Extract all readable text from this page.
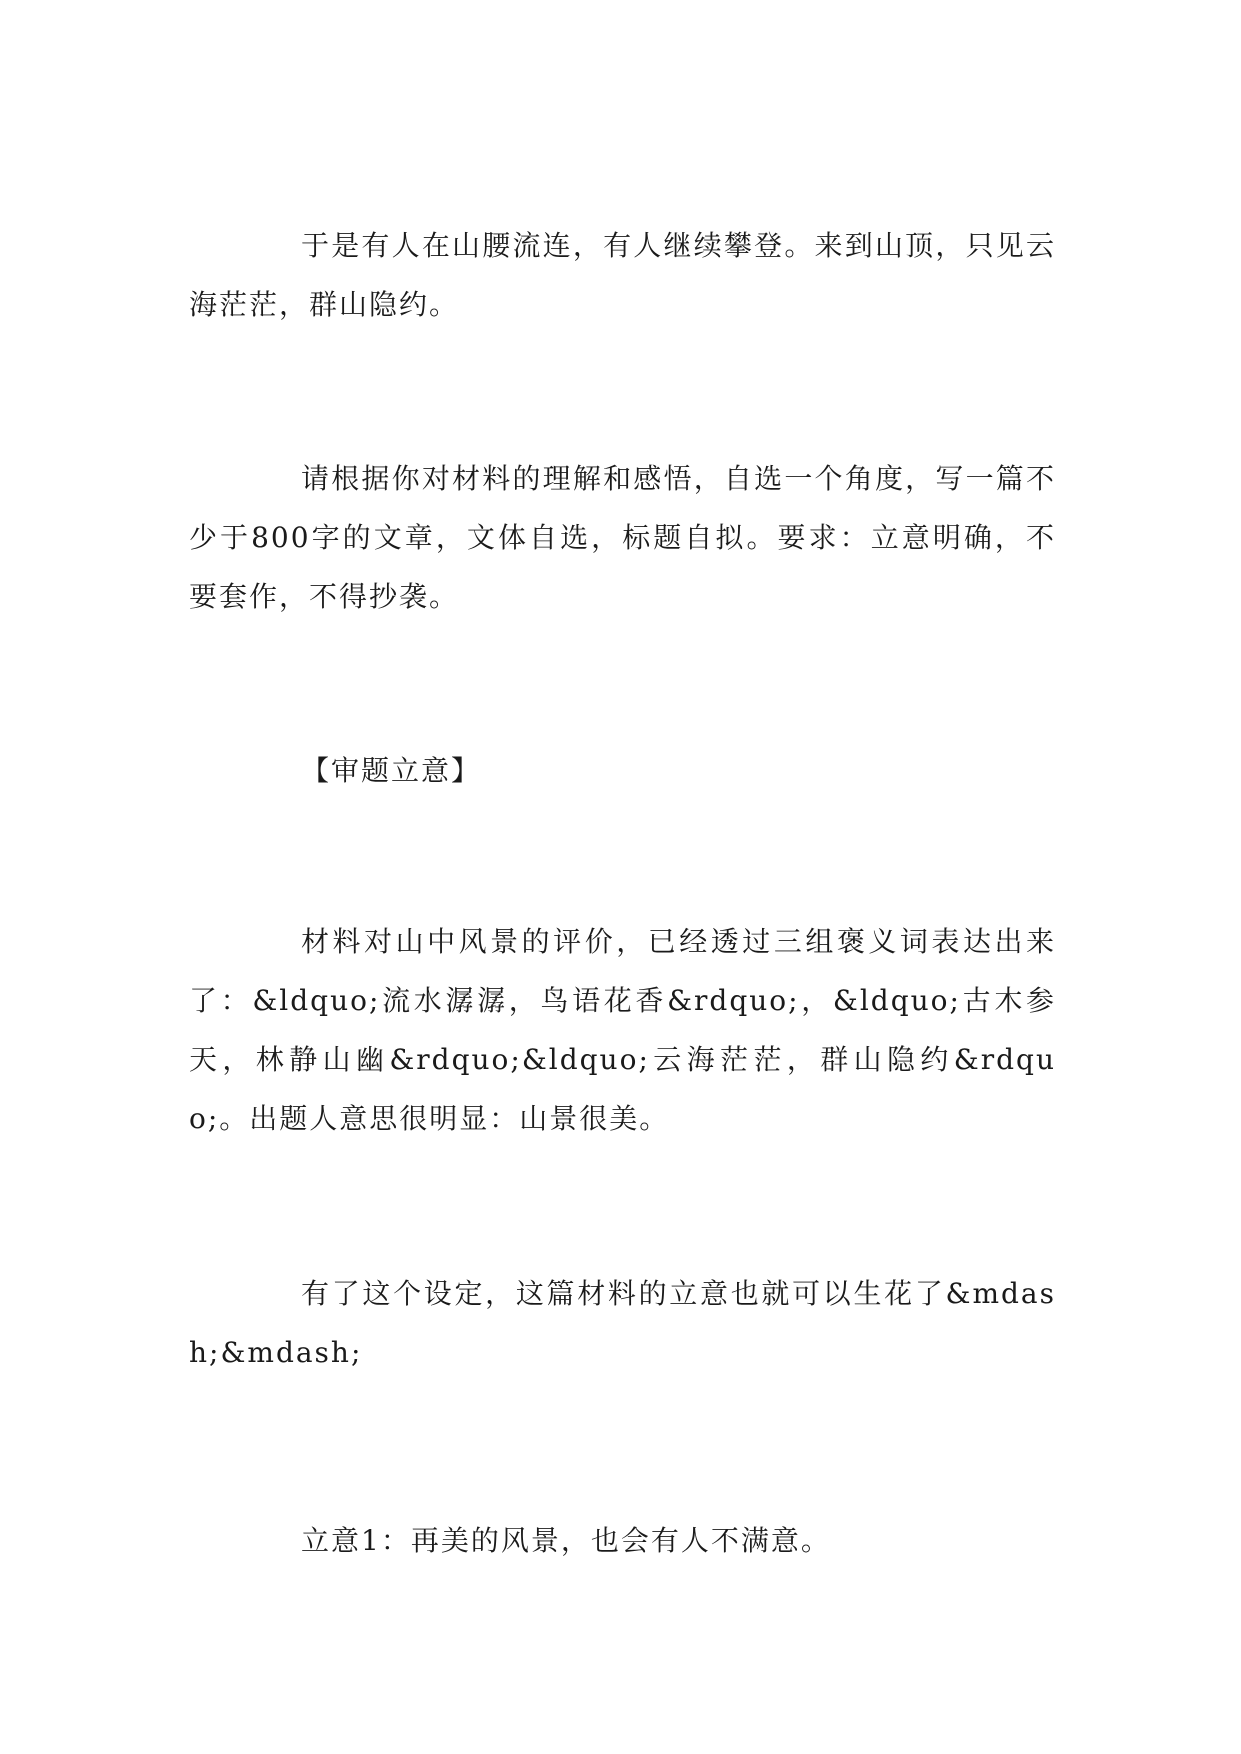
于是有人在山腰流连，有人继续攀登。来到山顶，只见云海茫茫，群山隐约。

请根据你对材料的理解和感悟，自选一个角度，写一篇不少于800字的文章，文体自选，标题自拟。要求：立意明确，不要套作，不得抄袭。

【审题立意】

材料对山中风景的评价，已经透过三组褒义词表达出来了：&ldquo;流水潺潺，鸟语花香&rdquo;，&ldquo;古木参天，林静山幽&rdquo;&ldquo;云海茫茫，群山隐约&rdquo;。出题人意思很明显：山景很美。

有了这个设定，这篇材料的立意也就可以生花了&mdash;&mdash;

立意1：再美的风景，也会有人不满意。
